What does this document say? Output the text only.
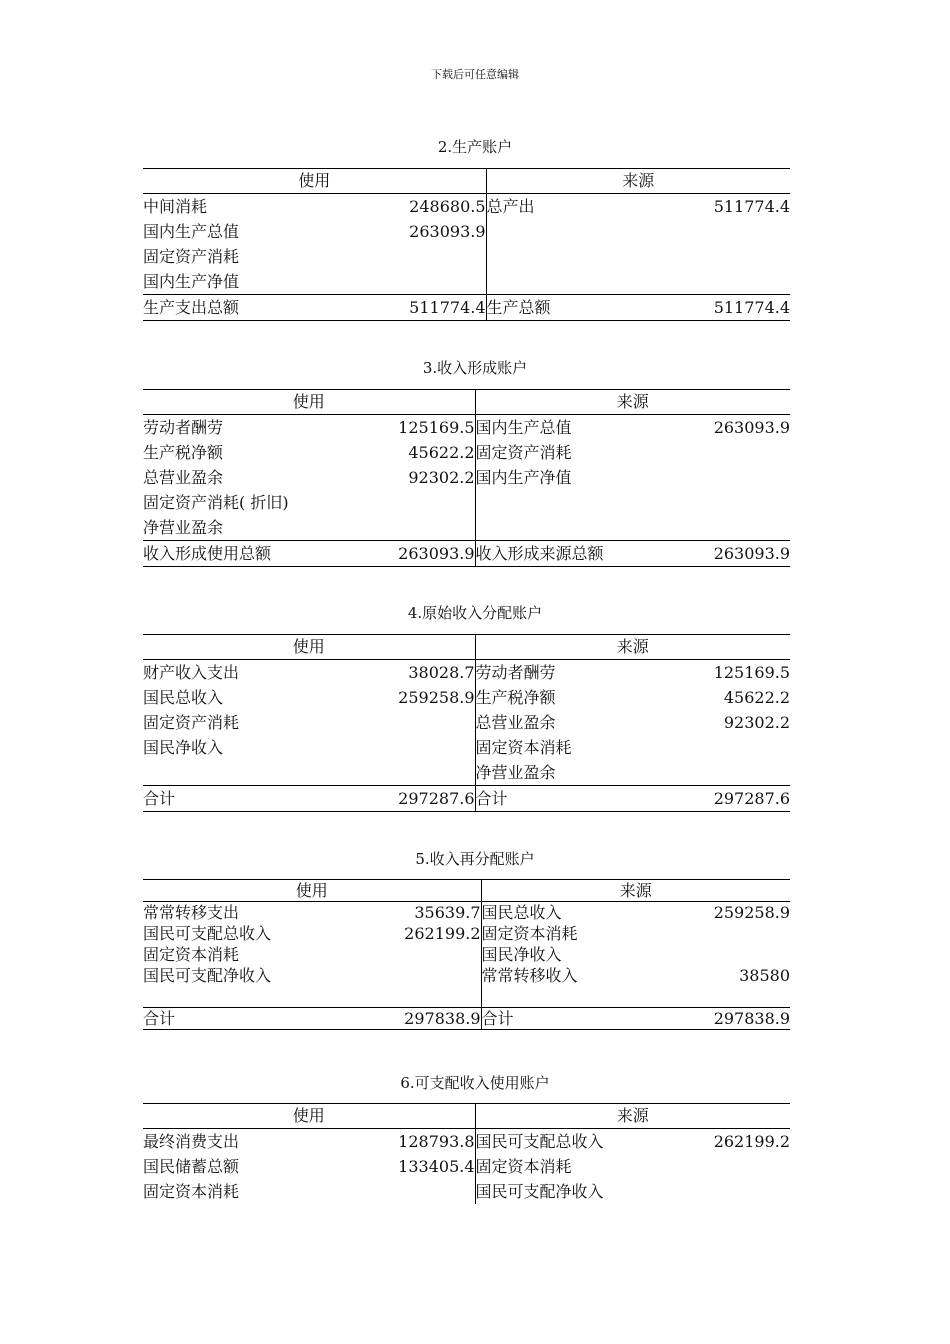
下载后可任意编辑
2.生产账户
使用		来源	
中间消耗	248680.5	总产出	511774.4
国内生产总值	263093.9		
固定资产消耗			
国内生产净值			
生产支出总额	511774.4	生产总额	511774.4
3.收入形成账户
使用		来源	
劳动者酬劳	125169.5	国内生产总值	263093.9
生产税净额	45622.2	固定资产消耗	
总营业盈余	92302.2	国内生产净值	
固定资产消耗( 折旧)			
净营业盈余			
收入形成使用总额	263093.9	收入形成来源总额	263093.9
4.原始收入分配账户
使用		来源	
财产收入支出	38028.7	劳动者酬劳	125169.5
国民总收入	259258.9	生产税净额	45622.2
固定资产消耗		总营业盈余	92302.2
国民净收入		固定资本消耗	
		净营业盈余	
合计	297287.6	合计	297287.6
5.收入再分配账户
使用		来源	
常常转移支出	35639.7	国民总收入	259258.9
国民可支配总收入	262199.2	固定资本消耗	
固定资本消耗		国民净收入	
国民可支配净收入		常常转移收入	38580

合计	297838.9	合计	297838.9
6.可支配收入使用账户
使用		来源	
最终消费支出	128793.8	国民可支配总收入	262199.2
国民储蓄总额	133405.4	固定资本消耗	
固定资本消耗		国民可支配净收入	
